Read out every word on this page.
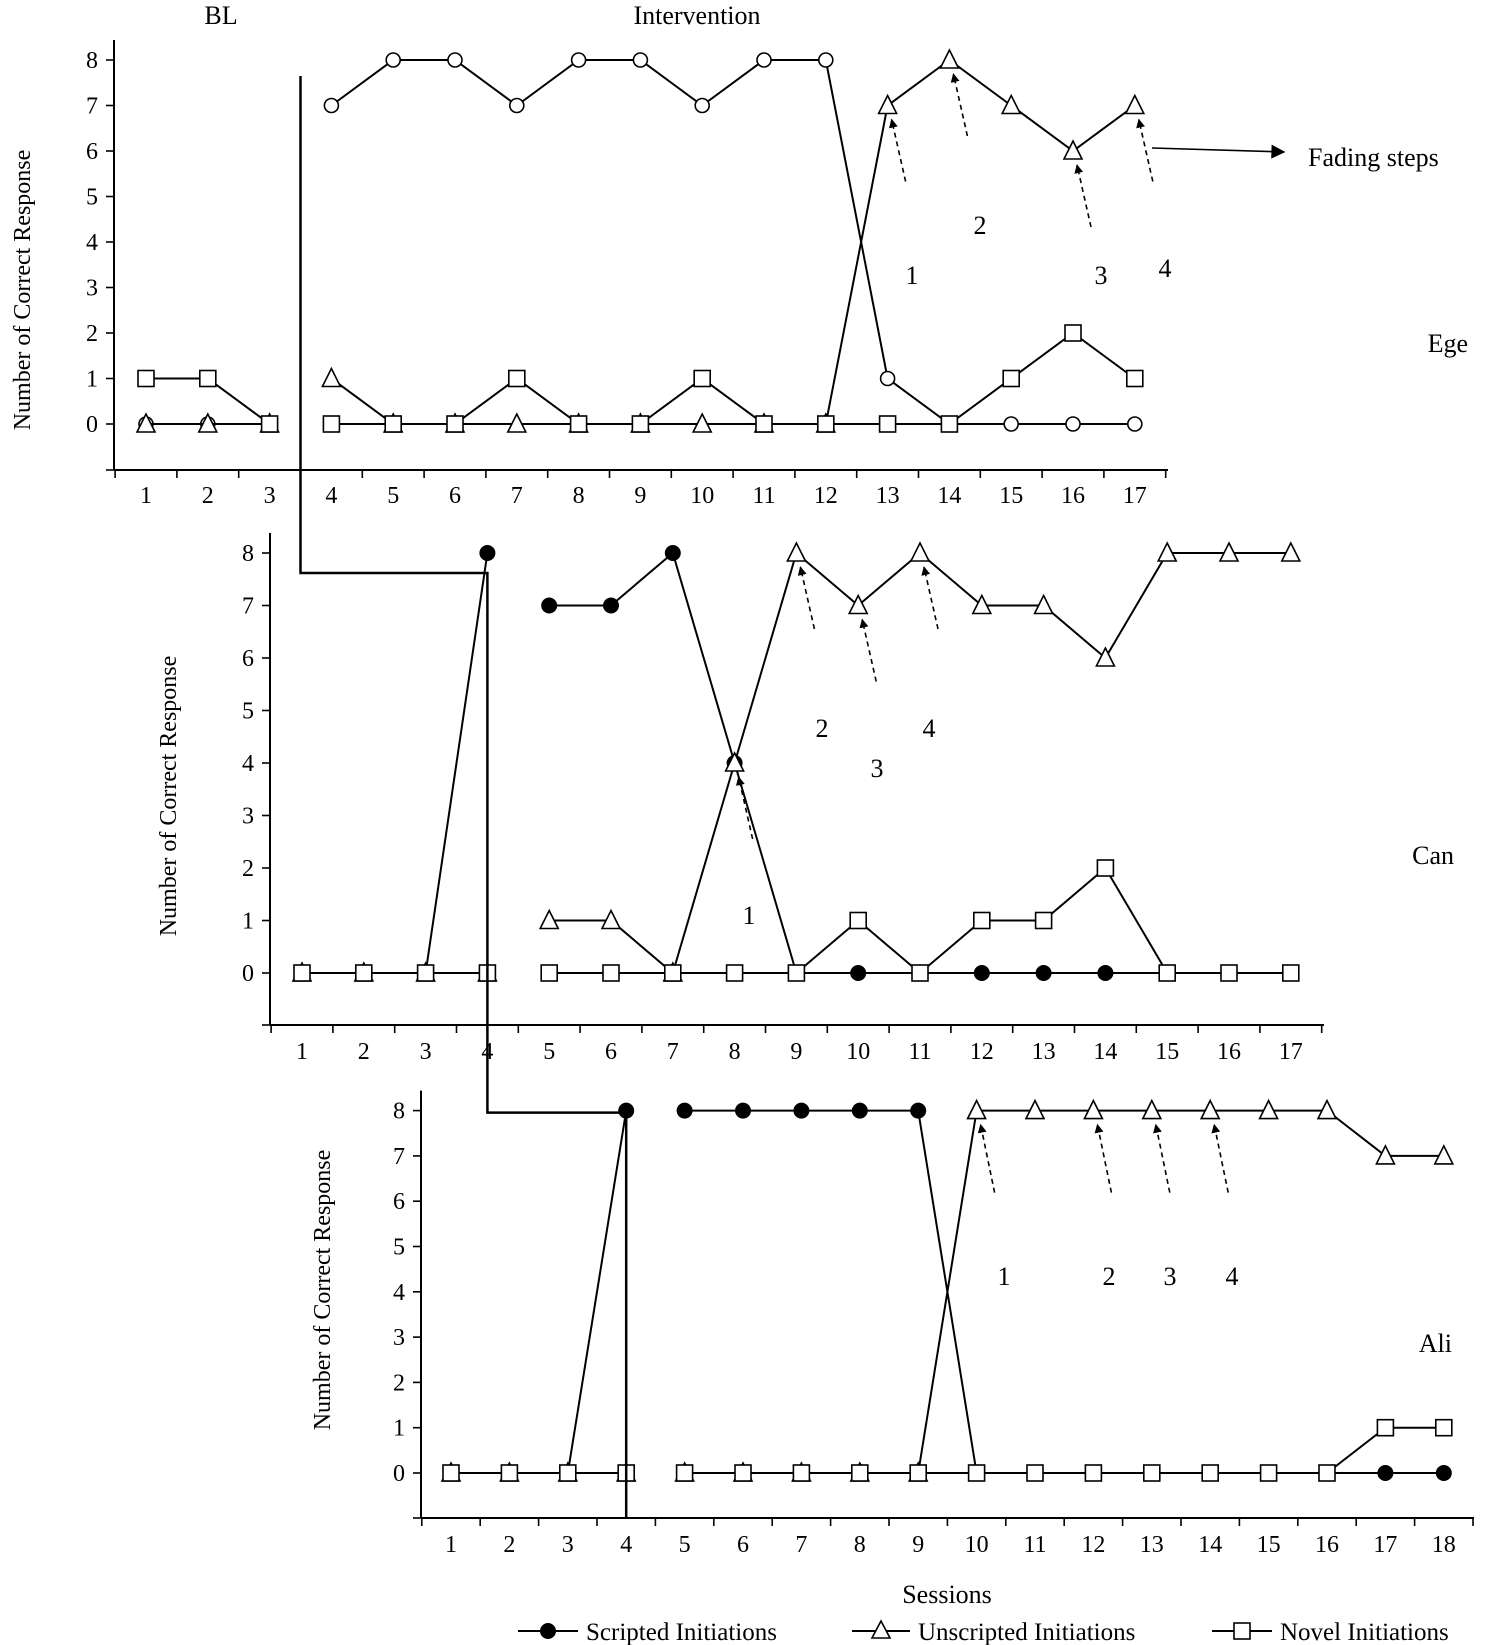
BL	Intervention
0
1
2
3
4
5
6
7
8
1 2 3 4 5 6 7 8 9 10 11 12 13 14 15 16 17
Number of Correct Response	Ege
0
1
2
3
4
5
6
7
8
1 2 3 4 5 6 7 8 9 10 11 12 13 14 15 16 17
Number of Correct Response	Can
0
1
2
3
4
5
6
7
8
1 2 3 4 5 6 7 8 9 10 11 12 13 14 15 16 17 18
Number of Correct Response	Ali
1
2
3 4
1
2
3
4
1	2 3 4
Fading steps
Sessions
Scripted Initiations	Unscripted Initiations	Novel Initiations
